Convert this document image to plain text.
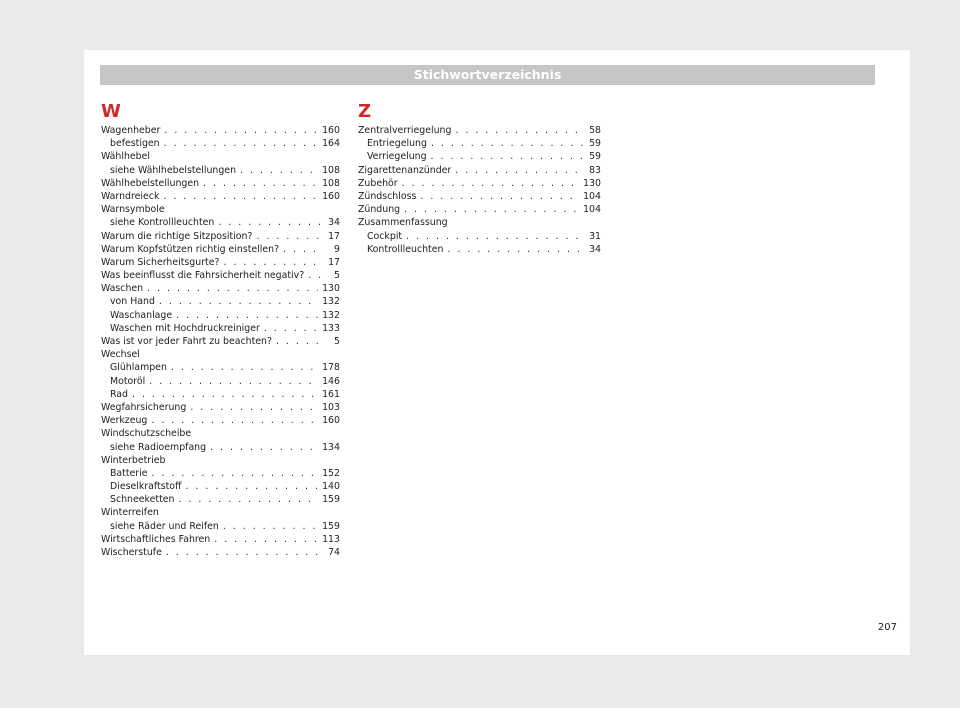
Stichwortverzeichnis
W
Wagenheber . . .	160
befestigen . . .	164
Wählhebel
siehe Wählhebelstellungen . . .	108
Wählhebelstellungen . . .	108
Warndreieck . . .	160
Warnsymbole
siehe Kontrollleuchten . . .	34
Warum die richtige Sitzposition? . . .	17
Warum Kopfstützen richtig einstellen? . . .	9
Warum Sicherheitsgurte? . . .	17
Was beeinflusst die Fahrsicherheit negativ? . . .	5
Waschen . . .	130
von Hand . . .	132
Waschanlage . . .	132
Waschen mit Hochdruckreiniger . . .	133
Was ist vor jeder Fahrt zu beachten? . . .	5
Wechsel
Glühlampen . . .	178
Motoröl . . .	146
Rad . . .	161
Wegfahrsicherung . . .	103
Werkzeug . . .	160
Windschutzscheibe
siehe Radioempfang . . .	134
Winterbetrieb
Batterie . . .	152
Dieselkraftstoff . . .	140
Schneeketten . . .	159
Winterreifen
siehe Räder und Reifen . . .	159
Wirtschaftliches Fahren . . .	113
Wischerstufe . . .	74
Z
Zentralverriegelung . . .	58
Entriegelung . . .	59
Verriegelung . . .	59
Zigarettenanzünder . . .	83
Zubehör . . .	130
Zündschloss . . .	104
Zündung . . .	104
Zusammenfassung
Cockpit . . .	31
Kontrollleuchten . . .	34
207
